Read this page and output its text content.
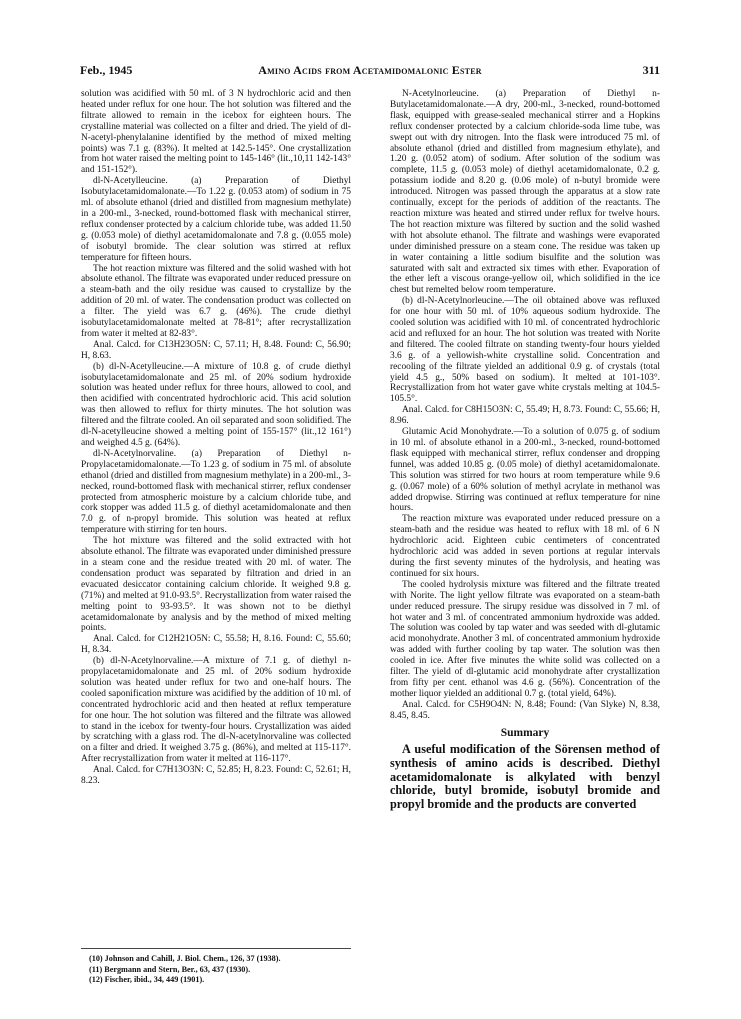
Feb., 1945	Amino Acids from Acetamidomalonic Ester	311

solution was acidified with 50 ml. of 3 N hydrochloric acid and then heated under reflux for one hour. The hot solution was filtered and the filtrate allowed to remain in the icebox for eighteen hours. The crystalline material was collected on a filter and dried. The yield of dl-N-acetyl-phenylalanine identified by the method of mixed melting points) was 7.1 g. (83%). It melted at 142.5-145°. One crystallization from hot water raised the melting point to 145-146° (lit.,10,11 142-143° and 151-152°).

dl-N-Acetylleucine. (a) Preparation of Diethyl Isobutylacetamidomalonate.—To 1.22 g. (0.053 atom) of sodium in 75 ml. of absolute ethanol (dried and distilled from magnesium methylate) in a 200-ml., 3-necked, round-bottomed flask with mechanical stirrer, reflux condenser protected by a calcium chloride tube, was added 11.50 g. (0.053 mole) of diethyl acetamidomalonate and 7.8 g. (0.055 mole) of isobutyl bromide. The clear solution was stirred at reflux temperature for fifteen hours.

The hot reaction mixture was filtered and the solid washed with hot absolute ethanol. The filtrate was evaporated under reduced pressure on a steam-bath and the oily residue was caused to crystallize by the addition of 20 ml. of water. The condensation product was collected on a filter. The yield was 6.7 g. (46%). The crude diethyl isobutylacetamidomalonate melted at 78-81°; after recrystallization from water it melted at 82-83°.

Anal. Calcd. for C13H23O5N: C, 57.11; H, 8.48. Found: C, 56.90; H, 8.63.

(b) dl-N-Acetylleucine.—A mixture of 10.8 g. of crude diethyl isobutylacetamidomalonate and 25 ml. of 20% sodium hydroxide solution was heated under reflux for three hours, allowed to cool, and then acidified with concentrated hydrochloric acid. This acid solution was then allowed to reflux for thirty minutes. The hot solution was filtered and the filtrate cooled. An oil separated and soon solidified. The dl-N-acetylleucine showed a melting point of 155-157° (lit.,12 161°) and weighed 4.5 g. (64%).

dl-N-Acetylnorvaline. (a) Preparation of Diethyl n-Propylacetamidomalonate.—To 1.23 g. of sodium in 75 ml. of absolute ethanol (dried and distilled from magnesium methylate) in a 200-ml., 3-necked, round-bottomed flask with mechanical stirrer, reflux condenser protected from atmospheric moisture by a calcium chloride tube, and cork stopper was added 11.5 g. of diethyl acetamidomalonate and then 7.0 g. of n-propyl bromide. This solution was heated at reflux temperature with stirring for ten hours.

The hot mixture was filtered and the solid extracted with hot absolute ethanol. The filtrate was evaporated under diminished pressure in a steam cone and the residue treated with 20 ml. of water. The condensation product was separated by filtration and dried in an evacuated desiccator containing calcium chloride. It weighed 9.8 g. (71%) and melted at 91.0-93.5°. Recrystallization from water raised the melting point to 93-93.5°. It was shown not to be diethyl acetamidomalonate by analysis and by the method of mixed melting points.

Anal. Calcd. for C12H21O5N: C, 55.58; H, 8.16. Found: C, 55.60; H, 8.34.

(b) dl-N-Acetylnorvaline.—A mixture of 7.1 g. of diethyl n-propylacetamidomalonate and 25 ml. of 20% sodium hydroxide solution was heated under reflux for two and one-half hours. The cooled saponification mixture was acidified by the addition of 10 ml. of concentrated hydrochloric acid and then heated at reflux temperature for one hour. The hot solution was filtered and the filtrate was allowed to stand in the icebox for twenty-four hours. Crystallization was aided by scratching with a glass rod. The dl-N-acetylnorvaline was collected on a filter and dried. It weighed 3.75 g. (86%), and melted at 115-117°. After recrystallization from water it melted at 116-117°.

Anal. Calcd. for C7H13O3N: C, 52.85; H, 8.23. Found: C, 52.61; H, 8.23.

(10) Johnson and Cahill, J. Biol. Chem., 126, 37 (1938).
(11) Bergmann and Stern, Ber., 63, 437 (1930).
(12) Fischer, ibid., 34, 449 (1901).

N-Acetylnorleucine. (a) Preparation of Diethyl n-Butylacetamidomalonate.—A dry, 200-ml., 3-necked, round-bottomed flask, equipped with grease-sealed mechanical stirrer and a Hopkins reflux condenser protected by a calcium chloride-soda lime tube, was swept out with dry nitrogen. Into the flask were introduced 75 ml. of absolute ethanol (dried and distilled from magnesium ethylate), and 1.20 g. (0.052 atom) of sodium. After solution of the sodium was complete, 11.5 g. (0.053 mole) of diethyl acetamidomalonate, 0.2 g. potassium iodide and 8.20 g. (0.06 mole) of n-butyl bromide were introduced. Nitrogen was passed through the apparatus at a slow rate continually, except for the periods of addition of the reactants. The reaction mixture was heated and stirred under reflux for twelve hours. The hot reaction mixture was filtered by suction and the solid washed with hot absolute ethanol. The filtrate and washings were evaporated under diminished pressure on a steam cone. The residue was taken up in water containing a little sodium bisulfite and the solution was saturated with salt and extracted six times with ether. Evaporation of the ether left a viscous orange-yellow oil, which solidified in the ice chest but remelted below room temperature.

(b) dl-N-Acetylnorleucine.—The oil obtained above was refluxed for one hour with 50 ml. of 10% aqueous sodium hydroxide. The cooled solution was acidified with 10 ml. of concentrated hydrochloric acid and refluxed for an hour. The hot solution was treated with Norite and filtered. The cooled filtrate on standing twenty-four hours yielded 3.6 g. of a yellowish-white crystalline solid. Concentration and recooling of the filtrate yielded an additional 0.9 g. of crystals (total yield 4.5 g., 50% based on sodium). It melted at 101-103°. Recrystallization from hot water gave white crystals melting at 104.5-105.5°.

Anal. Calcd. for C8H15O3N: C, 55.49; H, 8.73. Found: C, 55.66; H, 8.96.

Glutamic Acid Monohydrate.—To a solution of 0.075 g. of sodium in 10 ml. of absolute ethanol in a 200-ml., 3-necked, round-bottomed flask equipped with mechanical stirrer, reflux condenser and dropping funnel, was added 10.85 g. (0.05 mole) of diethyl acetamidomalonate. This solution was stirred for two hours at room temperature while 9.6 g. (0.067 mole) of a 60% solution of methyl acrylate in methanol was added dropwise. Stirring was continued at reflux temperature for nine hours.

The reaction mixture was evaporated under reduced pressure on a steam-bath and the residue was heated to reflux with 18 ml. of 6 N hydrochloric acid. Eighteen cubic centimeters of concentrated hydrochloric acid was added in seven portions at regular intervals during the first seventy minutes of the hydrolysis, and heating was continued for six hours.

The cooled hydrolysis mixture was filtered and the filtrate treated with Norite. The light yellow filtrate was evaporated on a steam-bath under reduced pressure. The sirupy residue was dissolved in 7 ml. of hot water and 3 ml. of concentrated ammonium hydroxide was added. The solution was cooled by tap water and was seeded with dl-glutamic acid monohydrate. Another 3 ml. of concentrated ammonium hydroxide was added with further cooling by tap water. The solution was then cooled in ice. After five minutes the white solid was collected on a filter. The yield of dl-glutamic acid monohydrate after crystallization from fifty per cent. ethanol was 4.6 g. (56%). Concentration of the mother liquor yielded an additional 0.7 g. (total yield, 64%).

Anal. Calcd. for C5H9O4N: N, 8.48; Found: (Van Slyke) N, 8.38, 8.45, 8.45.

Summary

A useful modification of the Sörensen method of synthesis of amino acids is described. Diethyl acetamidomalonate is alkylated with benzyl chloride, butyl bromide, isobutyl bromide and propyl bromide and the products are converted
